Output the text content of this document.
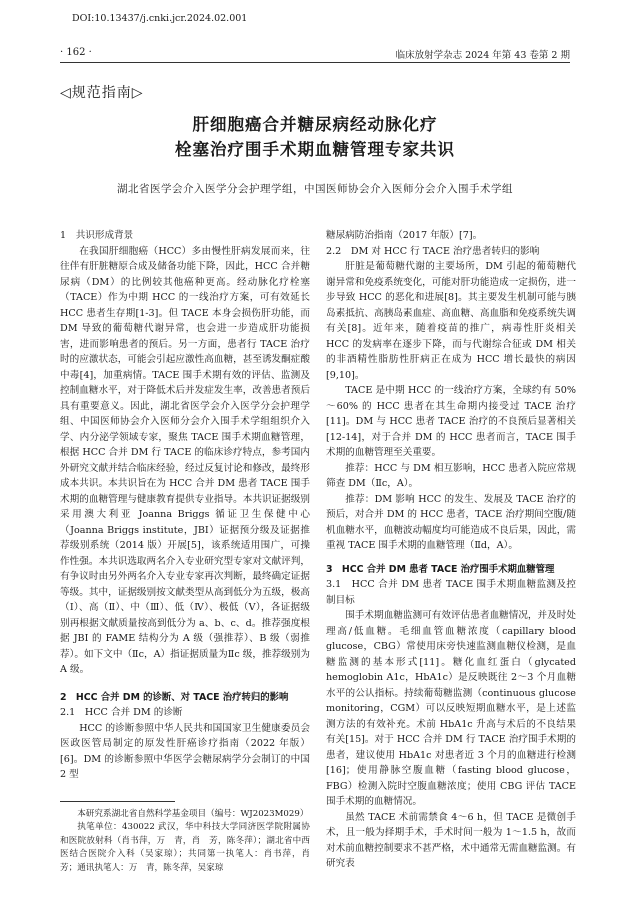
DOI:10.13437/j.cnki.jcr.2024.02.001
· 162 ·	临床放射学杂志 2024 年第 43 卷第 2 期
◁规范指南▷
肝细胞癌合并糖尿病经动脉化疗
栓塞治疗围手术期血糖管理专家共识
湖北省医学会介入医学分会护理学组，中国医师协会介入医师分会介入围手术学组

1　共识形成背景

在我国肝细胞癌（HCC）多由慢性肝病发展而来，往往伴有肝脏糖原合成及储备功能下降，因此，HCC 合并糖尿病（DM）的比例较其他癌种更高。经动脉化疗栓塞（TACE）作为中期 HCC 的一线治疗方案，可有效延长 HCC 患者生存期[1-3]。但 TACE 本身会损伤肝功能，而 DM 导致的葡萄糖代谢异常，也会进一步造成肝功能损害，进而影响患者的预后。另一方面，患者行 TACE 治疗时的应激状态，可能会引起应激性高血糖，甚至诱发酮症酸中毒[4]，加重病情。TACE 围手术期有效的评估、监测及控制血糖水平，对于降低术后并发症发生率，改善患者预后具有重要意义。因此，湖北省医学会介入医学分会护理学组、中国医师协会介入医师分会介入围手术学组组织介入学、内分泌学领域专家，聚焦 TACE 围手术期血糖管理，根据 HCC 合并 DM 行 TACE 的临床诊疗特点，参考国内外研究文献并结合临床经验，经过反复讨论和修改，最终形成本共识。本共识旨在为 HCC 合并 DM 患者 TACE 围手术期的血糖管理与健康教育提供专业指导。本共识证据级别采用澳大利亚 Joanna Briggs 循证卫生保健中心（Joanna Briggs institute，JBI）证据预分级及证据推荐级别系统（2014 版）开展[5]，该系统适用围广，可操作性强。本共识选取两名介入专业研究型专家对文献评判，有争议时由另外两名介入专业专家再次判断，最终确定证据等级。其中，证据级别按文献类型从高到低分为五级，极高（Ⅰ）、高（Ⅱ）、中（Ⅲ）、低（Ⅳ）、极低（Ⅴ），各证据级别再根据文献质量按高到低分为 a、b、c、d。推荐强度根据 JBI 的 FAME 结构分为 A 级（强推荐）、B 级（弱推荐）。如下文中（Ⅱc，A）指证据质量为Ⅱc 级，推荐级别为 A 级。

2　HCC 合并 DM 的诊断、对 TACE 治疗转归的影响

2.1　HCC 合并 DM 的诊断

HCC 的诊断参照中华人民共和国国家卫生健康委员会医政医管局制定的原发性肝癌诊疗指南（2022 年版）[6]。DM 的诊断参照中华医学会糖尿病学分会制订的中国 2 型

本研究系湖北省自然科学基金项目（编号：WJ2023M029）

执笔单位：430022 武汉，华中科技大学同济医学院附属协和医院放射科（肖书萍，万　青，肖　芳，陈冬萍）；湖北省中西医结合医院介入科（吴家琼）；共同第一执笔人：肖书萍，肖　芳；通讯执笔人：万　青，陈冬萍，吴家琼

糖尿病防治指南（2017 年版）[7]。

2.2　DM 对 HCC 行 TACE 治疗患者转归的影响

肝脏是葡萄糖代谢的主要场所，DM 引起的葡萄糖代谢异常和免疫系统变化，可能对肝功能造成一定损伤，进一步导致 HCC 的恶化和进展[8]。其主要发生机制可能与胰岛素抵抗、高胰岛素血症、高血糖、高血脂和免疫系统失调有关[8]。近年来，随着疫苗的推广，病毒性肝炎相关 HCC 的发病率在逐步下降，而与代谢综合征或 DM 相关的非酒精性脂肪性肝病正在成为 HCC 增长最快的病因[9,10]。

TACE 是中期 HCC 的一线治疗方案，全球约有 50%～60% 的 HCC 患者在其生命期内接受过 TACE 治疗[11]。DM 与 HCC 患者 TACE 治疗的不良预后显著相关[12-14]，对于合并 DM 的 HCC 患者而言，TACE 围手术期的血糖管理至关重要。

推荐：HCC 与 DM 相互影响，HCC 患者入院应常规筛查 DM（Ⅱc，A）。

推荐：DM 影响 HCC 的发生、发展及 TACE 治疗的预后，对合并 DM 的 HCC 患者，TACE 治疗期间空腹/随机血糖水平，血糖波动幅度均可能造成不良后果，因此，需重视 TACE 围手术期的血糖管理（Ⅱd，A）。

3　HCC 合并 DM 患者 TACE 治疗围手术期血糖管理

3.1　HCC 合并 DM 患者 TACE 围手术期血糖监测及控制目标

围手术期血糖监测可有效评估患者血糖情况，并及时处理高/低血糖。毛细血管血糖浓度（capillary blood glucose，CBG）常使用床旁快速监测血糖仪检测，是血糖监测的基本形式[11]。糖化血红蛋白（glycated hemoglobin A1c，HbA1c）是反映既往 2～3 个月血糖水平的公认指标。持续葡萄糖监测（continuous glucose monitoring，CGM）可以反映短期血糖水平，是上述监测方法的有效补充。术前 HbA1c 升高与术后的不良结果有关[15]。对于 HCC 合并 DM 行 TACE 治疗围手术期的患者，建议使用 HbA1c 对患者近 3 个月的血糖进行检测[16]；使用静脉空腹血糖（fasting blood glucose，FBG）检测入院时空腹血糖浓度；使用 CBG 评估 TACE 围手术期的血糖情况。

虽然 TACE 术前需禁食 4～6 h，但 TACE 是微创手术，且一般为择期手术，手术时间一般为 1～1.5 h，故而对术前血糖控制要求不甚严格，术中通常无需血糖监测。有研究表
